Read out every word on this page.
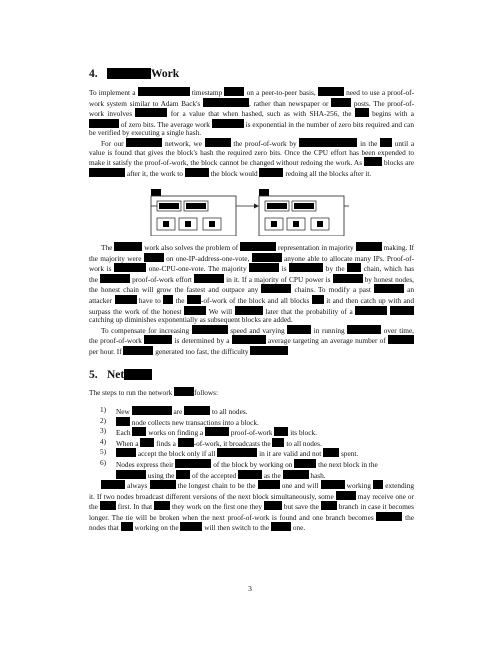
4.	Work

To implement a	timestamp	on a peer-to-peer basis,	need to use a proof-of-work system similar to Adam Back's	, rather than newspaper or	posts. The proof-of-work involves	for a value that when hashed, such as with SHA-256, the	begins with a  of zero bits. The average work	is exponential in the number of zero bits required and can be verified by executing a single hash.

For our	network, we	the proof-of-work by	in the until a value is found that gives the block's hash the required zero bits. Once the CPU effort has been expended to make it satisfy the proof-of-work, the block cannot be changed without redoing the work. As	blocks are  after it, the work to	the block would	redoing all the blocks after it.

The	work also solves the problem of	representation in majority	making. If the majority were	on one-IP-address-one-vote,	anyone able to allocate many IPs. Proof-of-work is	one-CPU-one-vote. The majority	is	by the	chain, which has the	proof-of-work effort	in it. If a majority of CPU power is	by honest nodes, the honest chain will grow the fastest and outpace any	chains. To modify a past	an attacker	have to the -of-work of the block and all blocks it and then catch up with and surpass the work of the honest	We will	later that the probability of a   catching up diminishes exponentially as subsequent blocks are added.

To compensate for increasing	speed and varying	in running	over time, the proof-of-work	is determined by a	average targeting an average number of  per hour. If	generated too fast, the difficulty

5. Net

The steps to run the network	follows:

1) New	are	to all nodes.
2)	node collects new transactions into a block.
3) Each works on finding a	proof-of-work its block.
4) When a finds a -of-work, it broadcasts the to all nodes.
5)	accept the block only if all	in it are valid and not	spent.
6) Nodes express their	of the block by working on	the next block in the  using the of the accepted	as the	hash.

always	the longest chain to be the	one and will	working extending it. If two nodes broadcast different versions of the next block simultaneously, some	may receive one or the	first. In that	they work on the first one they	but save the	branch in case it becomes longer. The tie will be broken when the next proof-of-work is found and one branch becomes	the nodes that working on the	will then switch to the	one.

3
